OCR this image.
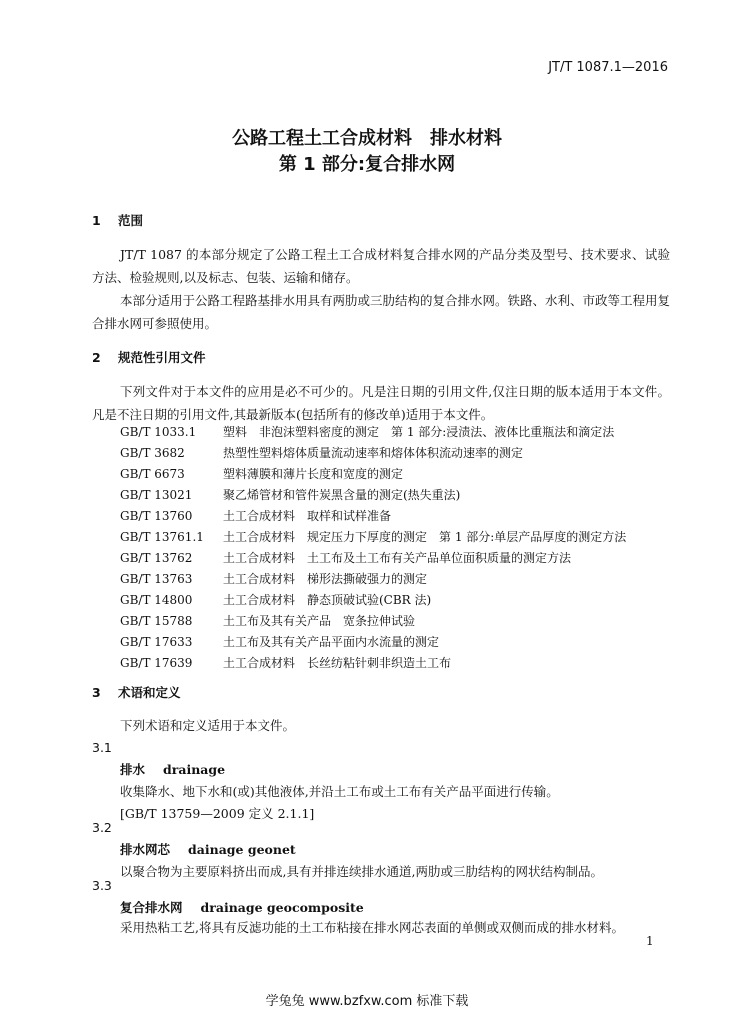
JT/T 1087.1—2016
公路工程土工合成材料　排水材料
第 1 部分:复合排水网
1 范围
JT/T 1087 的本部分规定了公路工程土工合成材料复合排水网的产品分类及型号、技术要求、试验方法、检验规则,以及标志、包装、运输和储存。
本部分适用于公路工程路基排水用具有两肋或三肋结构的复合排水网。铁路、水利、市政等工程用复合排水网可参照使用。
2 规范性引用文件
下列文件对于本文件的应用是必不可少的。凡是注日期的引用文件,仅注日期的版本适用于本文件。凡是不注日期的引用文件,其最新版本(包括所有的修改单)适用于本文件。
GB/T 1033.1 塑料　非泡沫塑料密度的测定　第 1 部分:浸渍法、液体比重瓶法和滴定法
GB/T 3682	热塑性塑料熔体质量流动速率和熔体体积流动速率的测定
GB/T 6673	塑料薄膜和薄片长度和宽度的测定
GB/T 13021	聚乙烯管材和管件炭黑含量的测定(热失重法)
GB/T 13760	土工合成材料　取样和试样准备
GB/T 13761.1 土工合成材料　规定压力下厚度的测定　第 1 部分:单层产品厚度的测定方法
GB/T 13762	土工合成材料　土工布及土工布有关产品单位面积质量的测定方法
GB/T 13763	土工合成材料　梯形法撕破强力的测定
GB/T 14800	土工合成材料　静态顶破试验(CBR 法)
GB/T 15788	土工布及其有关产品　宽条拉伸试验
GB/T 17633	土工布及其有关产品平面内水流量的测定
GB/T 17639	土工合成材料　长丝纺粘针刺非织造土工布
3 术语和定义
下列术语和定义适用于本文件。
3.1
排水 drainage
收集降水、地下水和(或)其他液体,并沿土工布或土工布有关产品平面进行传输。
[GB/T 13759—2009 定义 2.1.1]
3.2
排水网芯 dainage geonet
以聚合物为主要原料挤出而成,具有并排连续排水通道,两肋或三肋结构的网状结构制品。
3.3
复合排水网 drainage geocomposite
采用热粘工艺,将具有反滤功能的土工布粘接在排水网芯表面的单侧或双侧而成的排水材料。
1
学兔兔 www.bzfxw.com 标准下载
